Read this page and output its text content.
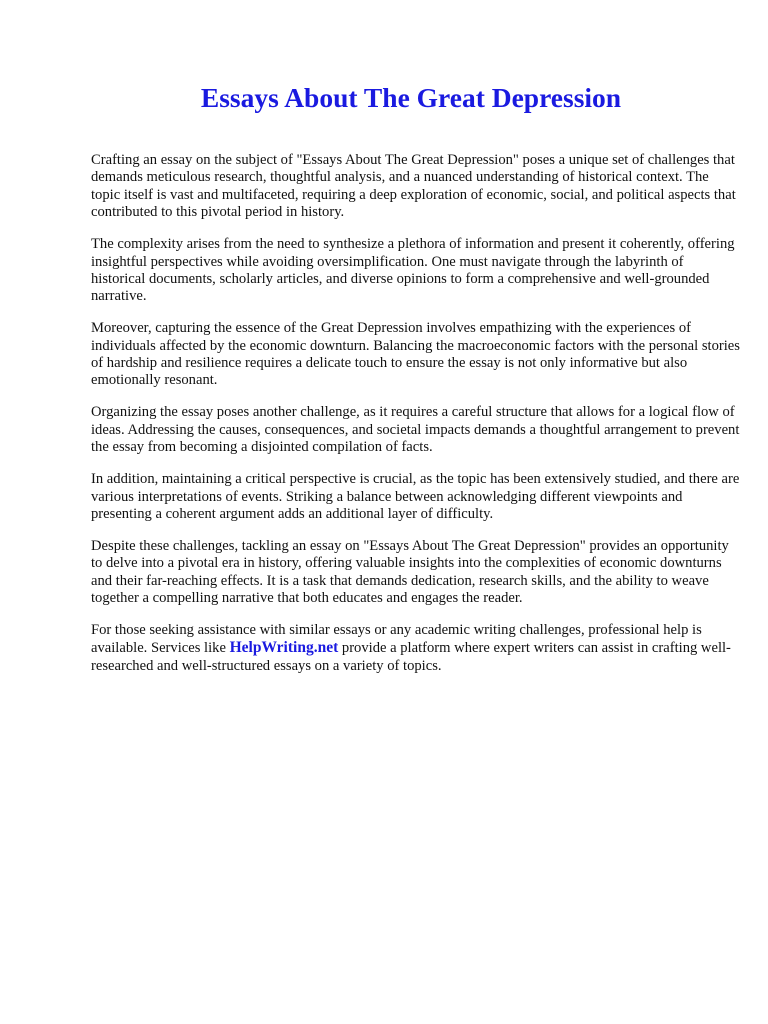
Essays About The Great Depression

Crafting an essay on the subject of "Essays About The Great Depression" poses a unique set of challenges that demands meticulous research, thoughtful analysis, and a nuanced understanding of historical context. The topic itself is vast and multifaceted, requiring a deep exploration of economic, social, and political aspects that contributed to this pivotal period in history.

The complexity arises from the need to synthesize a plethora of information and present it coherently, offering insightful perspectives while avoiding oversimplification. One must navigate through the labyrinth of historical documents, scholarly articles, and diverse opinions to form a comprehensive and well-grounded narrative.

Moreover, capturing the essence of the Great Depression involves empathizing with the experiences of individuals affected by the economic downturn. Balancing the macroeconomic factors with the personal stories of hardship and resilience requires a delicate touch to ensure the essay is not only informative but also emotionally resonant.

Organizing the essay poses another challenge, as it requires a careful structure that allows for a logical flow of ideas. Addressing the causes, consequences, and societal impacts demands a thoughtful arrangement to prevent the essay from becoming a disjointed compilation of facts.

In addition, maintaining a critical perspective is crucial, as the topic has been extensively studied, and there are various interpretations of events. Striking a balance between acknowledging different viewpoints and presenting a coherent argument adds an additional layer of difficulty.

Despite these challenges, tackling an essay on "Essays About The Great Depression" provides an opportunity to delve into a pivotal era in history, offering valuable insights into the complexities of economic downturns and their far-reaching effects. It is a task that demands dedication, research skills, and the ability to weave together a compelling narrative that both educates and engages the reader.

For those seeking assistance with similar essays or any academic writing challenges, professional help is available. Services like HelpWriting.net provide a platform where expert writers can assist in crafting well-researched and well-structured essays on a variety of topics.
